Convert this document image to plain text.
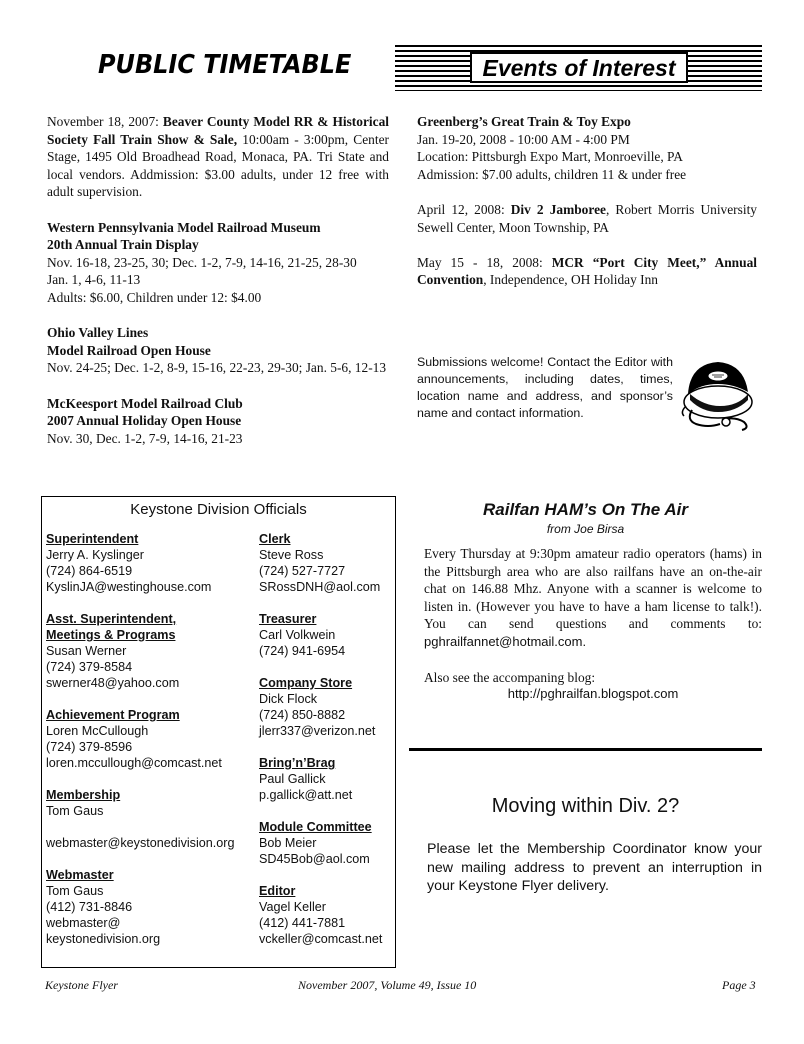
PUBLIC TIMETABLE	Events of Interest

November 18, 2007: Beaver County Model RR & Historical Society Fall Train Show & Sale, 10:00am - 3:00pm, Center Stage, 1495 Old Broadhead Road, Monaca, PA. Tri State and local vendors. Addmission: $3.00 adults, under 12 free with adult supervision.

Western Pennsylvania Model Railroad Museum

20th Annual Train Display

Nov. 16-18, 23-25, 30; Dec. 1-2, 7-9, 14-16, 21-25, 28-30

Jan. 1, 4-6, 11-13

Adults: $6.00, Children under 12: $4.00

Ohio Valley Lines

Model Railroad Open House

Nov. 24-25; Dec. 1-2, 8-9, 15-16, 22-23, 29-30; Jan. 5-6, 12-13

McKeesport Model Railroad Club

2007 Annual Holiday Open House

Nov. 30, Dec. 1-2, 7-9, 14-16, 21-23

Greenberg’s Great Train & Toy Expo

Jan. 19-20, 2008 - 10:00 AM - 4:00 PM

Location: Pittsburgh Expo Mart, Monroeville, PA

Admission: $7.00 adults, children 11 & under free

April 12, 2008: Div 2 Jamboree, Robert Morris University Sewell Center, Moon Township, PA

May 15 - 18, 2008: MCR “Port City Meet,” Annual Convention, Independence, OH Holiday Inn

Submissions welcome! Contact the Editor with announcements, including dates, times, location name and address, and sponsor’s name and contact information.
Keystone Division Officials
Superintendent
Jerry A. Kyslinger
(724) 864-6519
KyslinJA@westinghouse.com
Asst. Superintendent,
Meetings & Programs
Susan Werner
(724) 379-8584
swerner48@yahoo.com
Achievement Program
Loren McCullough
(724) 379-8596
loren.mccullough@comcast.net
Membership
Tom Gaus

webmaster@keystonedivision.org
Webmaster
Tom Gaus
(412) 731-8846
webmaster@
keystonedivision.org
Clerk
Steve Ross
(724) 527-7727
SRossDNH@aol.com
Treasurer
Carl Volkwein
(724) 941-6954
Company Store
Dick Flock
(724) 850-8882
jlerr337@verizon.net
Bring’n’Brag
Paul Gallick
p.gallick@att.net
Module Committee
Bob Meier
SD45Bob@aol.com
Editor
Vagel Keller
(412) 441-7881
vckeller@comcast.net
Railfan HAM’s On The Air
from Joe Birsa
Every Thursday at 9:30pm amateur radio operators (hams) in the Pittsburgh area who are also railfans have an on-the-air chat on 146.88 Mhz. Anyone with a scanner is welcome to listen in. (However you have to have a ham license to talk!). You can send questions and comments to: pghrailfannet@hotmail.com.
Also see the accompaning blog:
http://pghrailfan.blogspot.com
Moving within Div. 2?
Please let the Membership Coordinator know your new mailing address to prevent an interruption in your Keystone Flyer delivery.
Keystone Flyer	November 2007, Volume 49, Issue 10	Page 3
